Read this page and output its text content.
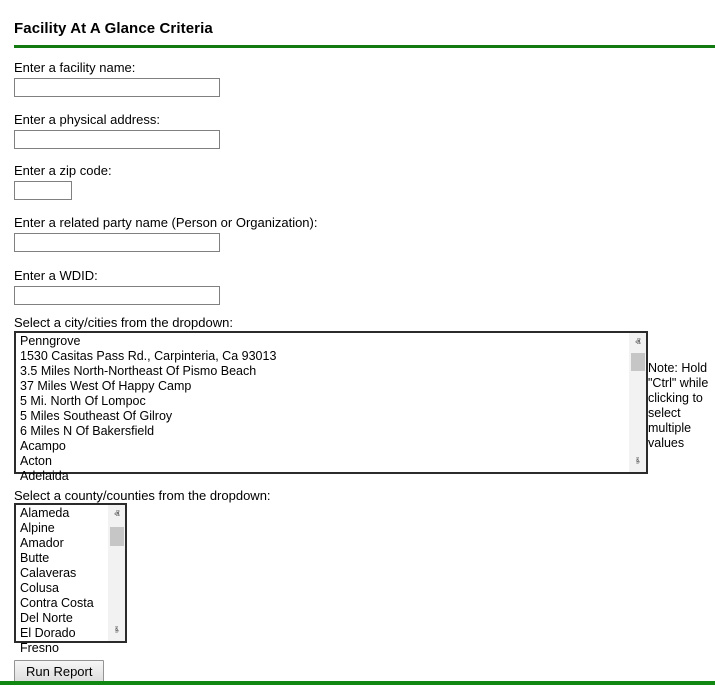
Facility At A Glance Criteria
Enter a facility name:
Enter a physical address:
Enter a zip code:
Enter a related party name (Person or Organization):
Enter a WDID:
Select a city/cities from the dropdown:
Penngrove
1530 Casitas Pass Rd., Carpinteria, Ca 93013
3.5 Miles North-Northeast Of Pismo Beach
37 Miles West Of Happy Camp
5 Mi. North Of Lompoc
5 Miles Southeast Of Gilroy
6 Miles N Of Bakersfield
Acampo
Acton
Adelaida
ⱏ
ⱛ
Note: Hold "Ctrl" while clicking to select multiple values
Select a county/counties from the dropdown:
Alameda
Alpine
Amador
Butte
Calaveras
Colusa
Contra Costa
Del Norte
El Dorado
Fresno
ⱏ
ⱛ
Run Report
